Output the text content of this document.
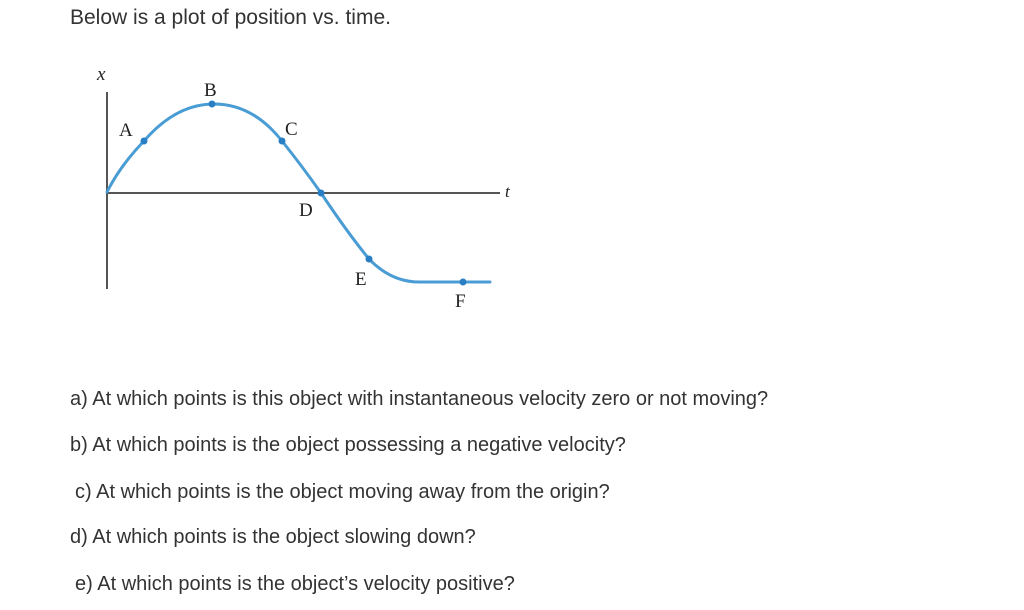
Below is a plot of position vs. time.
x
t
A
B
C
D
E
F
a) At which points is this object with instantaneous velocity zero or not moving?
b) At which points is the object possessing a negative velocity?
c) At which points is the object moving away from the origin?
d) At which points is the object slowing down?
e) At which points is the object’s velocity positive?
